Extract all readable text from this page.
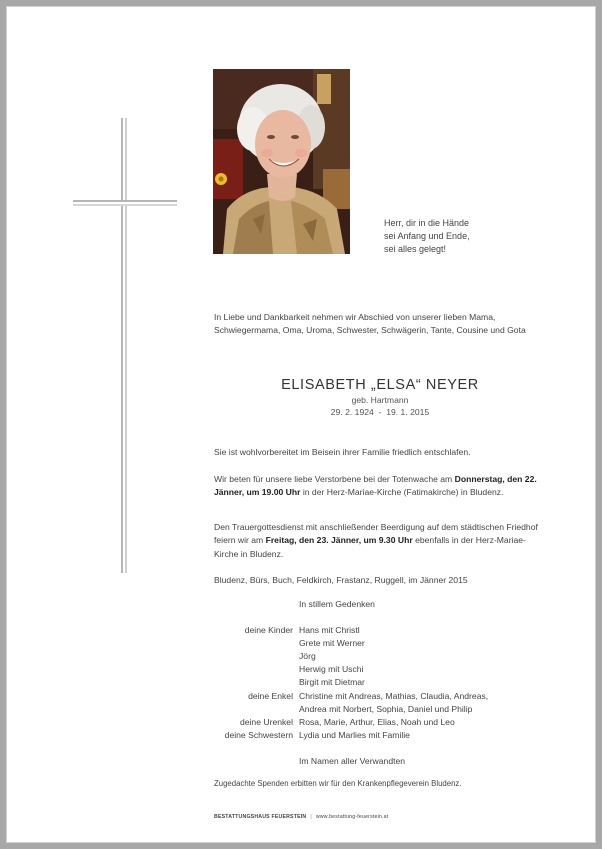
Herr, dir in die Hände
sei Anfang und Ende,
sei alles gelegt!
In Liebe und Dankbarkeit nehmen wir Abschied von unserer lieben Mama, Schwiegermama, Oma, Uroma, Schwester, Schwägerin, Tante, Cousine und Gota
ELISABETH „ELSA“ NEYER
geb. Hartmann
29. 2. 1924  -  19. 1. 2015
Sie ist wohlvorbereitet im Beisein ihrer Familie friedlich entschlafen.
Wir beten für unsere liebe Verstorbene bei der Totenwache am Donnerstag, den 22. Jänner, um 19.00 Uhr in der Herz-Mariae-Kirche (Fatimakirche) in Bludenz.
Den Trauergottesdienst mit anschließender Beerdigung auf dem städtischen Friedhof feiern wir am Freitag, den 23. Jänner, um 9.30 Uhr ebenfalls in der Herz-Mariae-Kirche in Bludenz.
Bludenz, Bürs, Buch, Feldkirch, Frastanz, Ruggell, im Jänner 2015
In stillem Gedenken
deine Kinder Hans mit Christl
Grete mit Werner
Jörg
Herwig mit Uschi
Birgit mit Dietmar
deine Enkel Christine mit Andreas, Mathias, Claudia, Andreas,
Andrea mit Norbert, Sophia, Daniel und Philip
deine Urenkel Rosa, Marie, Arthur, Elias, Noah und Leo
deine Schwestern Lydia und Marlies mit Familie
Im Namen aller Verwandten
Zugedachte Spenden erbitten wir für den Krankenpflegeverein Bludenz.
BESTATTUNGSHAUS FEUERSTEIN | www.bestattung-feuerstein.at
